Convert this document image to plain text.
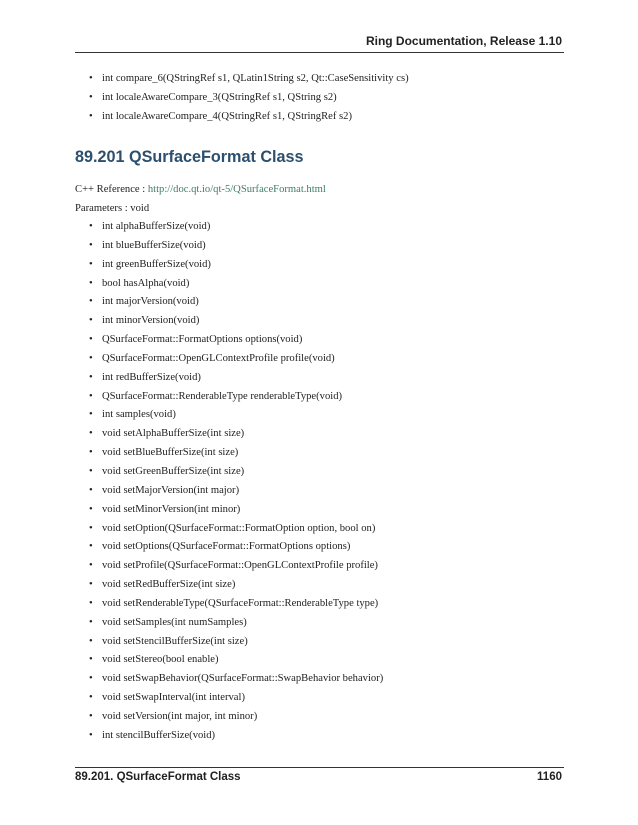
Ring Documentation, Release 1.10
• int compare_6(QStringRef s1, QLatin1String s2, Qt::CaseSensitivity cs)
• int localeAwareCompare_3(QStringRef s1, QString s2)
• int localeAwareCompare_4(QStringRef s1, QStringRef s2)
89.201 QSurfaceFormat Class
C++ Reference : http://doc.qt.io/qt-5/QSurfaceFormat.html
Parameters : void
• int alphaBufferSize(void)
• int blueBufferSize(void)
• int greenBufferSize(void)
• bool hasAlpha(void)
• int majorVersion(void)
• int minorVersion(void)
• QSurfaceFormat::FormatOptions options(void)
• QSurfaceFormat::OpenGLContextProfile profile(void)
• int redBufferSize(void)
• QSurfaceFormat::RenderableType renderableType(void)
• int samples(void)
• void setAlphaBufferSize(int size)
• void setBlueBufferSize(int size)
• void setGreenBufferSize(int size)
• void setMajorVersion(int major)
• void setMinorVersion(int minor)
• void setOption(QSurfaceFormat::FormatOption option, bool on)
• void setOptions(QSurfaceFormat::FormatOptions options)
• void setProfile(QSurfaceFormat::OpenGLContextProfile profile)
• void setRedBufferSize(int size)
• void setRenderableType(QSurfaceFormat::RenderableType type)
• void setSamples(int numSamples)
• void setStencilBufferSize(int size)
• void setStereo(bool enable)
• void setSwapBehavior(QSurfaceFormat::SwapBehavior behavior)
• void setSwapInterval(int interval)
• void setVersion(int major, int minor)
• int stencilBufferSize(void)
89.201. QSurfaceFormat Class	1160
